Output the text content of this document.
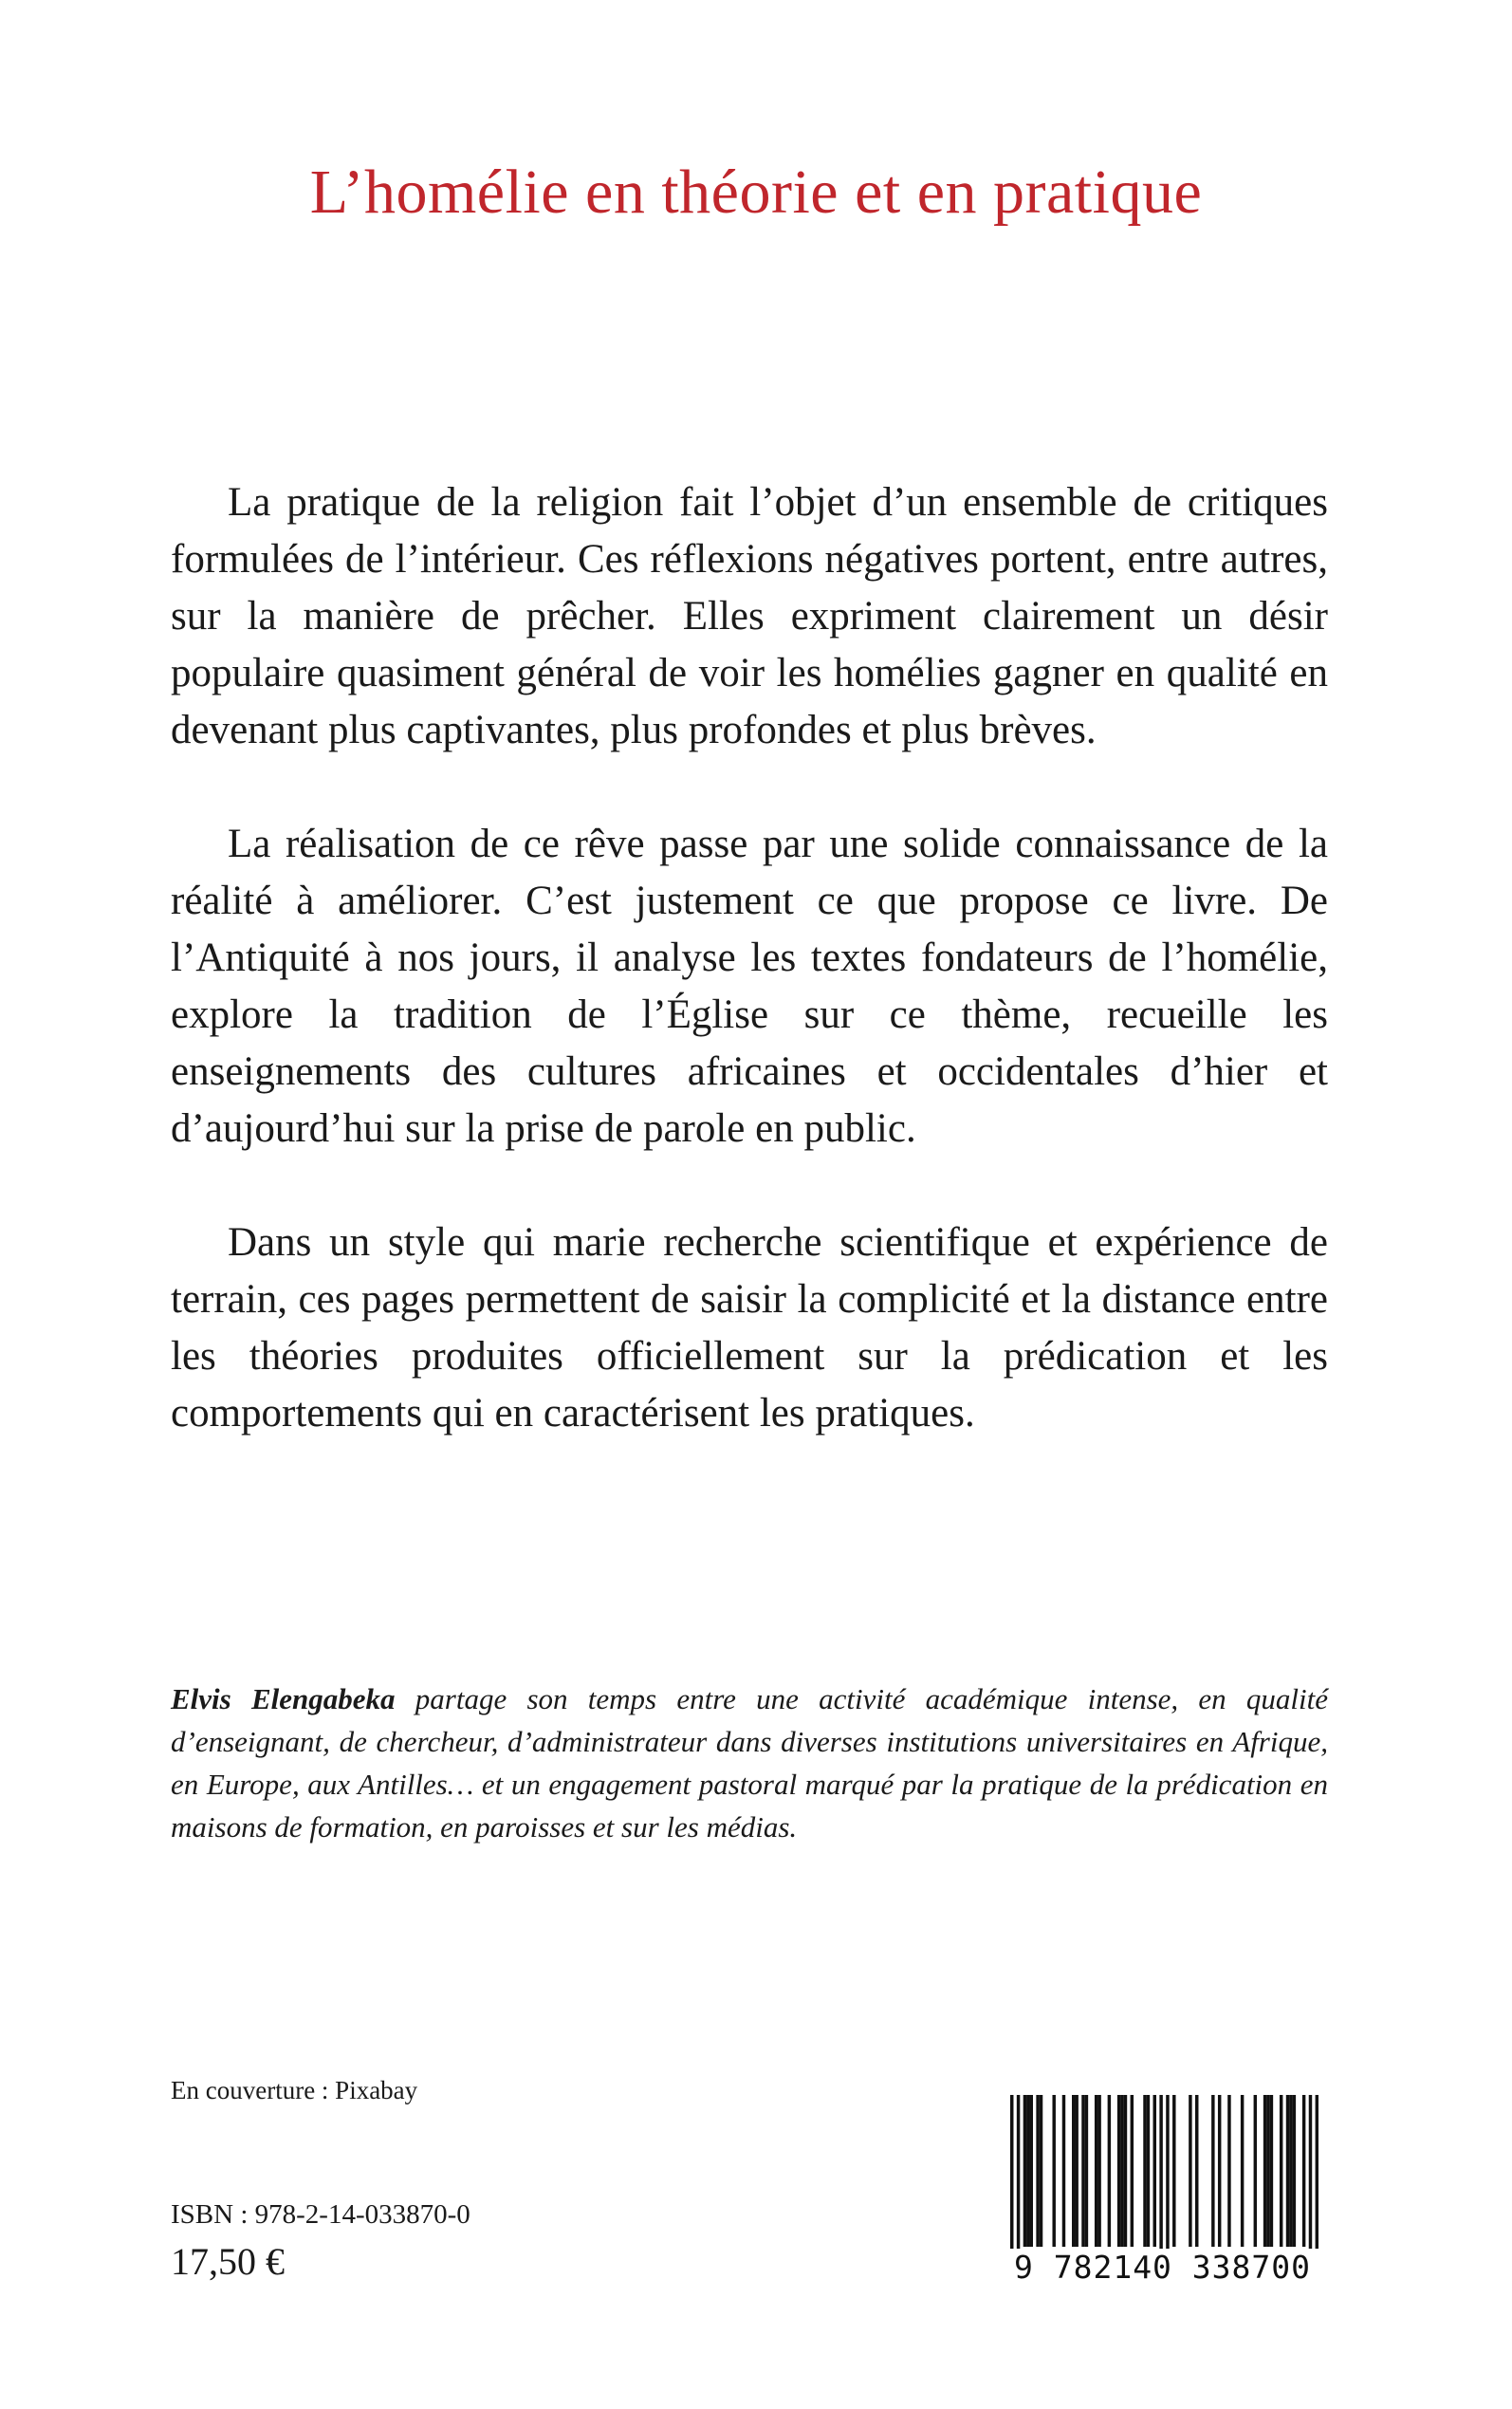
L’homélie en théorie et en pratique

La pratique de la religion fait l’objet d’un ensemble de critiques formulées de l’intérieur. Ces réflexions négatives portent, entre autres, sur la manière de prêcher. Elles expriment clairement un désir populaire quasiment général de voir les homélies gagner en qualité en devenant plus captivantes, plus profondes et plus brèves.

La réalisation de ce rêve passe par une solide connaissance de la réalité à améliorer. C’est justement ce que propose ce livre. De l’Antiquité à nos jours, il analyse les textes fondateurs de l’homélie, explore la tradition de l’Église sur ce thème, recueille les enseignements des cultures africaines et occidentales d’hier et d’aujourd’hui sur la prise de parole en public.

Dans un style qui marie recherche scientifique et expérience de terrain, ces pages permettent de saisir la complicité et la distance entre les théories produites officiellement sur la prédication et les comportements qui en caractérisent les pratiques.

Elvis Elengabeka partage son temps entre une activité académique intense, en qualité d’enseignant, de chercheur, d’administrateur dans diverses institutions universitaires en Afrique, en Europe, aux Antilles… et un engagement pastoral marqué par la pratique de la prédication en maisons de formation, en paroisses et sur les médias.
En couverture : Pixabay
ISBN : 978-2-14-033870-0
17,50 €	9 782140 338700
